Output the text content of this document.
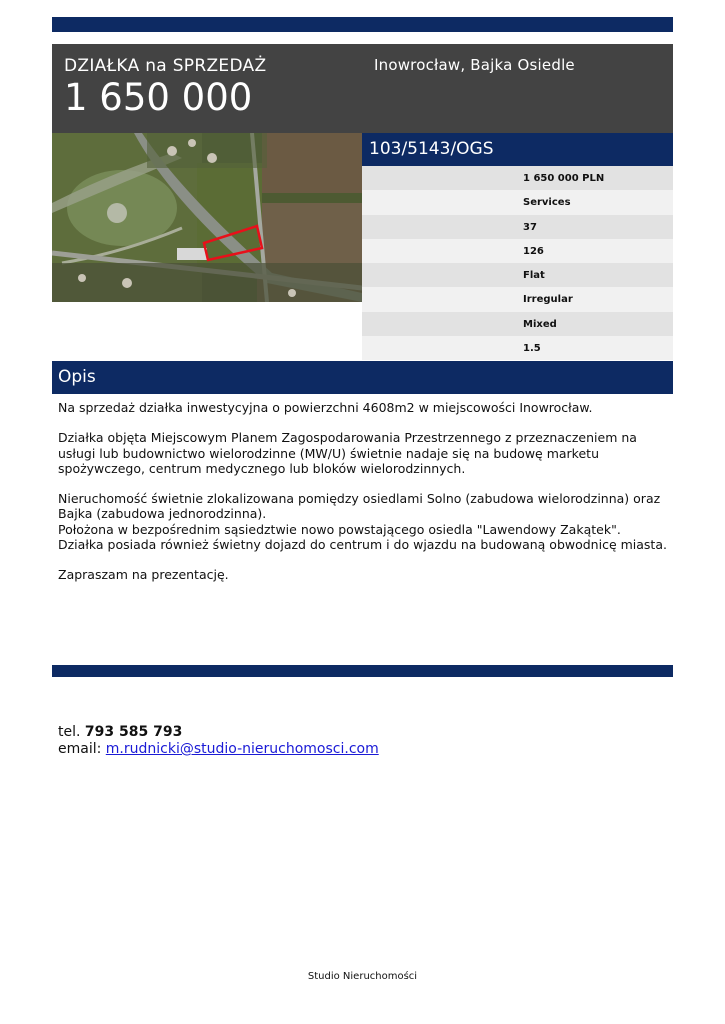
DZIAŁKA na SPRZEDAŻ
1 650 000
Inowrocław, Bajka Osiedle
103/5143/OGS
1 650 000 PLN
Services
37
126
Flat
Irregular
Mixed
1.5
Opis

Na sprzedaż działka inwestycyjna o powierzchni 4608m2 w miejscowości Inowrocław.

Działka objęta Miejscowym Planem Zagospodarowania Przestrzennego z przeznaczeniem na usługi lub budownictwo wielorodzinne (MW/U) świetnie nadaje się na budowę marketu spożywczego, centrum medycznego lub bloków wielorodzinnych.

Nieruchomość świetnie zlokalizowana pomiędzy osiedlami Solno (zabudowa wielorodzinna) oraz Bajka (zabudowa jednorodzinna).

Położona w bezpośrednim sąsiedztwie nowo powstającego osiedla "Lawendowy Zakątek". Działka posiada również świetny dojazd do centrum i do wjazdu na budowaną obwodnicę miasta.

Zapraszam na prezentację.

tel. 793 585 793
email: m.rudnicki@studio-nieruchomosci.com
Studio Nieruchomości
